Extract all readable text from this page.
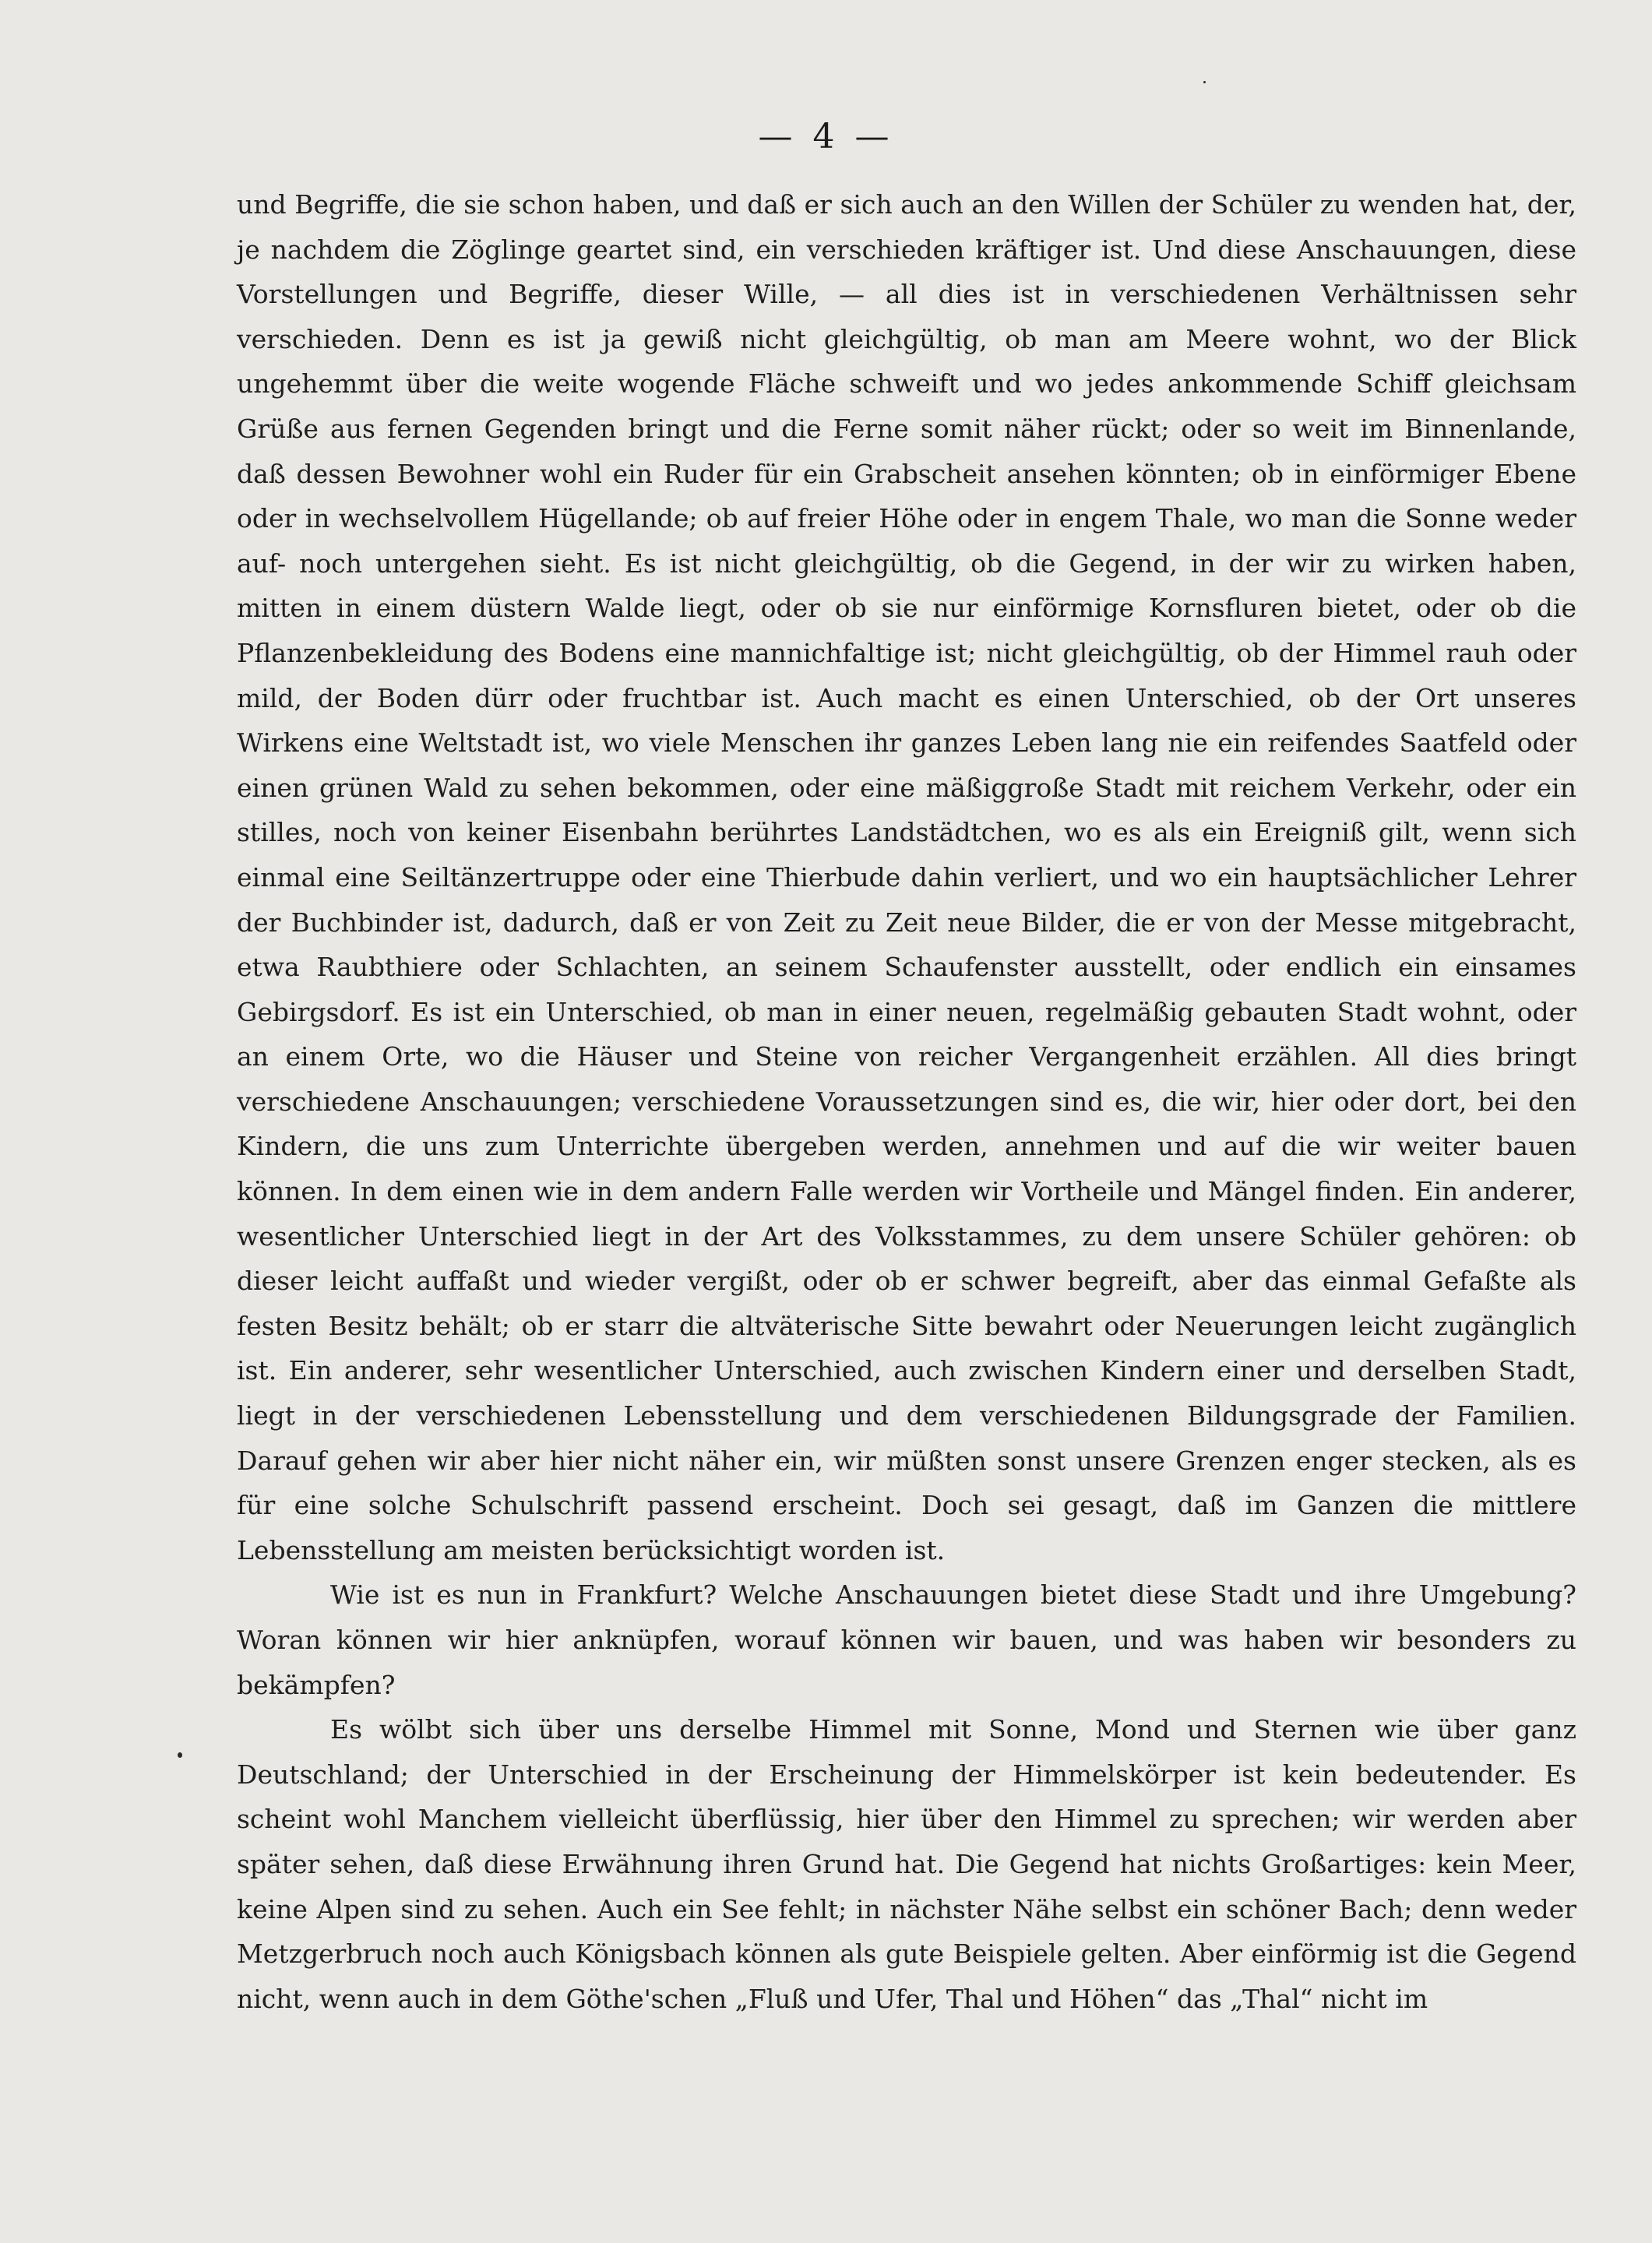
— 4 —

und Begriffe, die sie schon haben, und daß er sich auch an den Willen der Schüler zu wenden hat, der, je nachdem die Zöglinge geartet sind, ein verschieden kräftiger ist. Und diese Anschauungen, diese Vorstellungen und Begriffe, dieser Wille, — all dies ist in verschiedenen Verhältnissen sehr verschieden. Denn es ist ja gewiß nicht gleichgültig, ob man am Meere wohnt, wo der Blick ungehemmt über die weite wogende Fläche schweift und wo jedes ankommende Schiff gleichsam Grüße aus fernen Gegenden bringt und die Ferne somit näher rückt; oder so weit im Binnenlande, daß dessen Bewohner wohl ein Ruder für ein Grabscheit ansehen könnten; ob in einförmiger Ebene oder in wechselvollem Hügellande; ob auf freier Höhe oder in engem Thale, wo man die Sonne weder auf- noch untergehen sieht. Es ist nicht gleichgültig, ob die Gegend, in der wir zu wirken haben, mitten in einem düstern Walde liegt, oder ob sie nur einförmige Kornsfluren bietet, oder ob die Pflanzenbekleidung des Bodens eine mannichfaltige ist; nicht gleichgültig, ob der Himmel rauh oder mild, der Boden dürr oder fruchtbar ist. Auch macht es einen Unterschied, ob der Ort unseres Wirkens eine Weltstadt ist, wo viele Menschen ihr ganzes Leben lang nie ein reifendes Saatfeld oder einen grünen Wald zu sehen bekommen, oder eine mäßiggroße Stadt mit reichem Verkehr, oder ein stilles, noch von keiner Eisenbahn berührtes Landstädtchen, wo es als ein Ereigniß gilt, wenn sich einmal eine Seiltänzertruppe oder eine Thierbude dahin verliert, und wo ein hauptsächlicher Lehrer der Buchbinder ist, dadurch, daß er von Zeit zu Zeit neue Bilder, die er von der Messe mitgebracht, etwa Raubthiere oder Schlachten, an seinem Schaufenster ausstellt, oder endlich ein einsames Gebirgsdorf. Es ist ein Unterschied, ob man in einer neuen, regelmäßig gebauten Stadt wohnt, oder an einem Orte, wo die Häuser und Steine von reicher Vergangenheit erzählen. All dies bringt verschiedene Anschauungen; verschiedene Voraussetzungen sind es, die wir, hier oder dort, bei den Kindern, die uns zum Unterrichte übergeben werden, annehmen und auf die wir weiter bauen können. In dem einen wie in dem andern Falle werden wir Vortheile und Mängel finden. Ein anderer, wesentlicher Unterschied liegt in der Art des Volksstammes, zu dem unsere Schüler gehören: ob dieser leicht auffaßt und wieder vergißt, oder ob er schwer begreift, aber das einmal Gefaßte als festen Besitz behält; ob er starr die altväterische Sitte bewahrt oder Neuerungen leicht zugänglich ist. Ein anderer, sehr wesentlicher Unterschied, auch zwischen Kindern einer und derselben Stadt, liegt in der verschiedenen Lebensstellung und dem verschiedenen Bildungsgrade der Familien. Darauf gehen wir aber hier nicht näher ein, wir müßten sonst unsere Grenzen enger stecken, als es für eine solche Schulschrift passend erscheint. Doch sei gesagt, daß im Ganzen die mittlere Lebensstellung am meisten berücksichtigt worden ist.

Wie ist es nun in Frankfurt? Welche Anschauungen bietet diese Stadt und ihre Umgebung? Woran können wir hier anknüpfen, worauf können wir bauen, und was haben wir besonders zu bekämpfen?

Es wölbt sich über uns derselbe Himmel mit Sonne, Mond und Sternen wie über ganz Deutschland; der Unterschied in der Erscheinung der Himmelskörper ist kein bedeutender. Es scheint wohl Manchem vielleicht überflüssig, hier über den Himmel zu sprechen; wir werden aber später sehen, daß diese Erwähnung ihren Grund hat. Die Gegend hat nichts Großartiges: kein Meer, keine Alpen sind zu sehen. Auch ein See fehlt; in nächster Nähe selbst ein schöner Bach; denn weder Metzgerbruch noch auch Königsbach können als gute Beispiele gelten. Aber einförmig ist die Gegend nicht, wenn auch in dem Göthe'schen „Fluß und Ufer, Thal und Höhen“ das „Thal“ nicht im
